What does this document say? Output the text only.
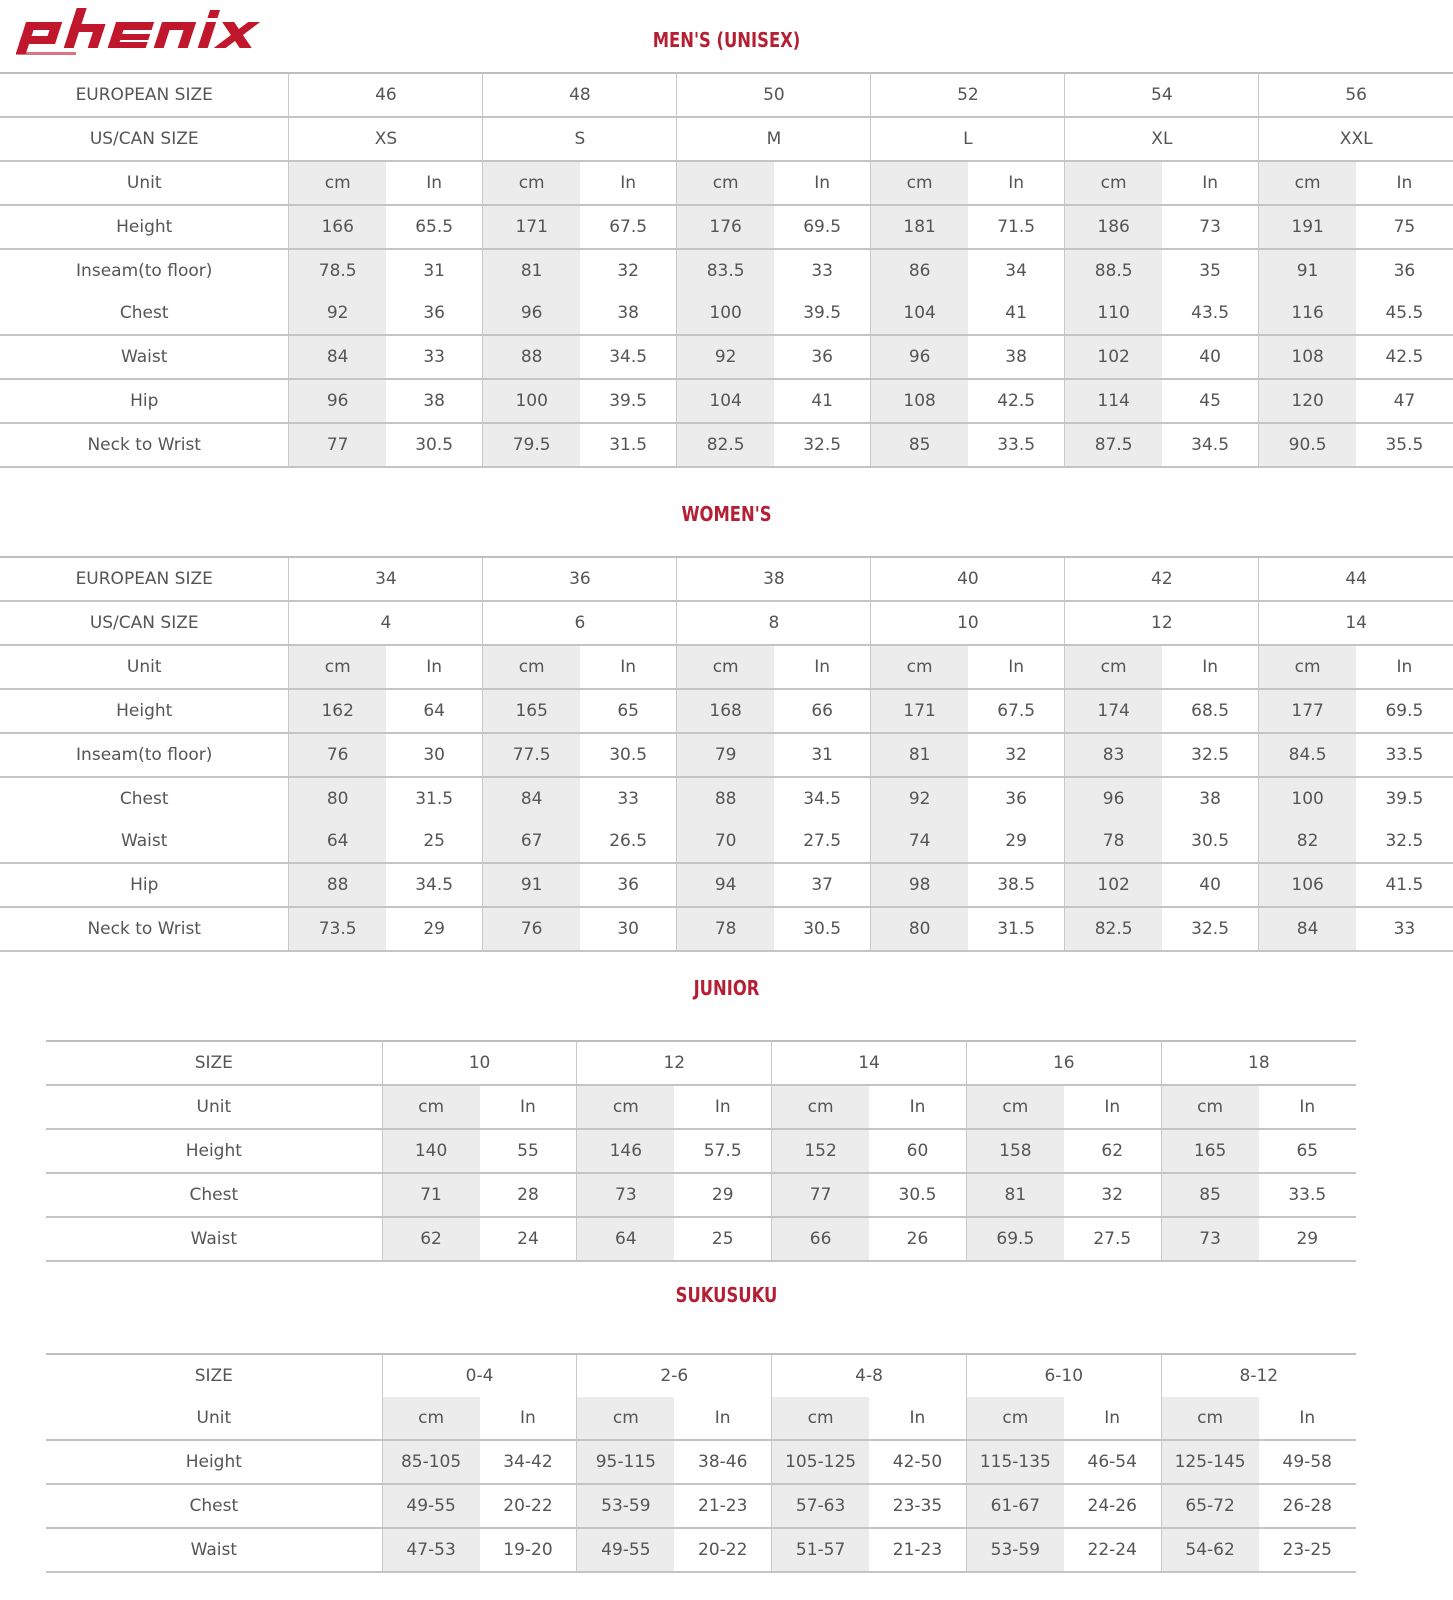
MEN'S (UNISEX)
WOMEN'S
JUNIOR
SUKUSUKU
EUROPEAN SIZE	46		48		50		52		54		56	
US/CAN SIZE	XS		S		M		L		XL		XXL	
Unit	cm	In	cm	In	cm	In	cm	In	cm	In	cm	In
Height	166	65.5	171	67.5	176	69.5	181	71.5	186	73	191	75
Inseam(to floor)	78.5	31	81	32	83.5	33	86	34	88.5	35	91	36
Chest	92	36	96	38	100	39.5	104	41	110	43.5	116	45.5
Waist	84	33	88	34.5	92	36	96	38	102	40	108	42.5
Hip	96	38	100	39.5	104	41	108	42.5	114	45	120	47
Neck to Wrist	77	30.5	79.5	31.5	82.5	32.5	85	33.5	87.5	34.5	90.5	35.5
EUROPEAN SIZE	34		36		38		40		42		44	
US/CAN SIZE	4		6		8		10		12		14	
Unit	cm	In	cm	In	cm	In	cm	In	cm	In	cm	In
Height	162	64	165	65	168	66	171	67.5	174	68.5	177	69.5
Inseam(to floor)	76	30	77.5	30.5	79	31	81	32	83	32.5	84.5	33.5
Chest	80	31.5	84	33	88	34.5	92	36	96	38	100	39.5
Waist	64	25	67	26.5	70	27.5	74	29	78	30.5	82	32.5
Hip	88	34.5	91	36	94	37	98	38.5	102	40	106	41.5
Neck to Wrist	73.5	29	76	30	78	30.5	80	31.5	82.5	32.5	84	33
SIZE	10		12		14		16		18	
Unit	cm	In	cm	In	cm	In	cm	In	cm	In
Height	140	55	146	57.5	152	60	158	62	165	65
Chest	71	28	73	29	77	30.5	81	32	85	33.5
Waist	62	24	64	25	66	26	69.5	27.5	73	29
SIZE	0-4		2-6		4-8		6-10		8-12	
Unit	cm	In	cm	In	cm	In	cm	In	cm	In
Height	85-105	34-42	95-115	38-46	105-125	42-50	115-135	46-54	125-145	49-58
Chest	49-55	20-22	53-59	21-23	57-63	23-35	61-67	24-26	65-72	26-28
Waist	47-53	19-20	49-55	20-22	51-57	21-23	53-59	22-24	54-62	23-25
